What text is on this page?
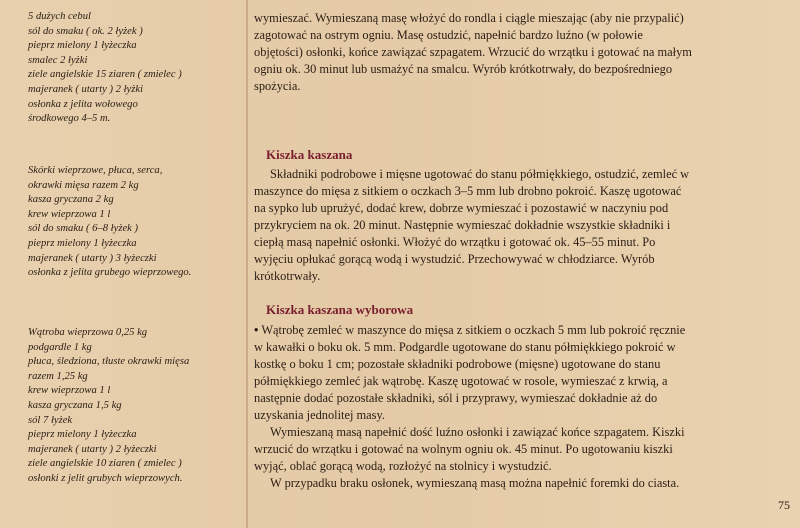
5 dużych cebul
sól do smaku ( ok. 2 łyżek )
pieprz mielony 1 łyżeczka
smalec 2 łyżki
ziele angielskie 15 ziaren ( zmielec )
majeranek ( utarty ) 2 łyżki
osłonka z jelita wołowego
środkowego 4–5 m.
Skórki wieprzowe, płuca, serca,
okrawki mięsa razem 2 kg
kasza gryczana 2 kg
krew wieprzowa 1 l
sól do smaku ( 6–8 łyżek )
pieprz mielony 1 łyżeczka
majeranek ( utarty ) 3 łyżeczki
osłonka z jelita grubego wieprzowego.
Wątroba wieprzowa 0,25 kg
podgardle 1 kg
płuca, śledziona, tłuste okrawki mięsa
razem 1,25 kg
krew wieprzowa 1 l
kasza gryczana 1,5 kg
sól 7 łyżek
pieprz mielony 1 łyżeczka
majeranek ( utarty ) 2 łyżeczki
ziele angielskie 10 ziaren ( zmielec )
osłonki z jelit grubych wieprzowych.
wymieszać. Wymieszaną masę włożyć do rondla i ciągle mieszając (aby nie przypalić)
zagotować na ostrym ogniu. Masę ostudzić, napełnić bardzo luźno (w połowie
objętości) osłonki, końce zawiązać szpagatem. Wrzucić do wrzątku i gotować na małym
ogniu ok. 30 minut lub usmażyć na smalcu. Wyrób krótkotrwały, do bezpośredniego
spożycia.
Kiszka kaszana
Składniki podrobowe i mięsne ugotować do stanu półmiękkiego, ostudzić, zemleć w
maszynce do mięsa z sitkiem o oczkach 3–5 mm lub drobno pokroić. Kaszę ugotować
na sypko lub uprużyć, dodać krew, dobrze wymieszać i pozostawić w naczyniu pod
przykryciem na ok. 20 minut. Następnie wymieszać dokładnie wszystkie składniki i
ciepłą masą napełnić osłonki. Włożyć do wrzątku i gotować ok. 45–55 minut. Po
wyjęciu opłukać gorącą wodą i wystudzić. Przechowywać w chłodziarce. Wyrób
krótkotrwały.
Kiszka kaszana wyborowa
• Wątrobę zemleć w maszynce do mięsa z sitkiem o oczkach 5 mm lub pokroić ręcznie
w kawałki o boku ok. 5 mm. Podgardle ugotowane do stanu półmiękkiego pokroić w
kostkę o boku 1 cm; pozostałe składniki podrobowe (mięsne) ugotowane do stanu
półmiękkiego zemleć jak wątrobę. Kaszę ugotować w rosole, wymieszać z krwią, a
następnie dodać pozostałe składniki, sól i przyprawy, wymieszać dokładnie aż do
uzyskania jednolitej masy.
Wymieszaną masą napełnić dość luźno osłonki i zawiązać końce szpagatem. Kiszki
wrzucić do wrzątku i gotować na wolnym ogniu ok. 45 minut. Po ugotowaniu kiszki
wyjąć, oblać gorącą wodą, rozłożyć na stolnicy i wystudzić.
W przypadku braku osłonek, wymieszaną masą można napełnić foremki do ciasta.
75
